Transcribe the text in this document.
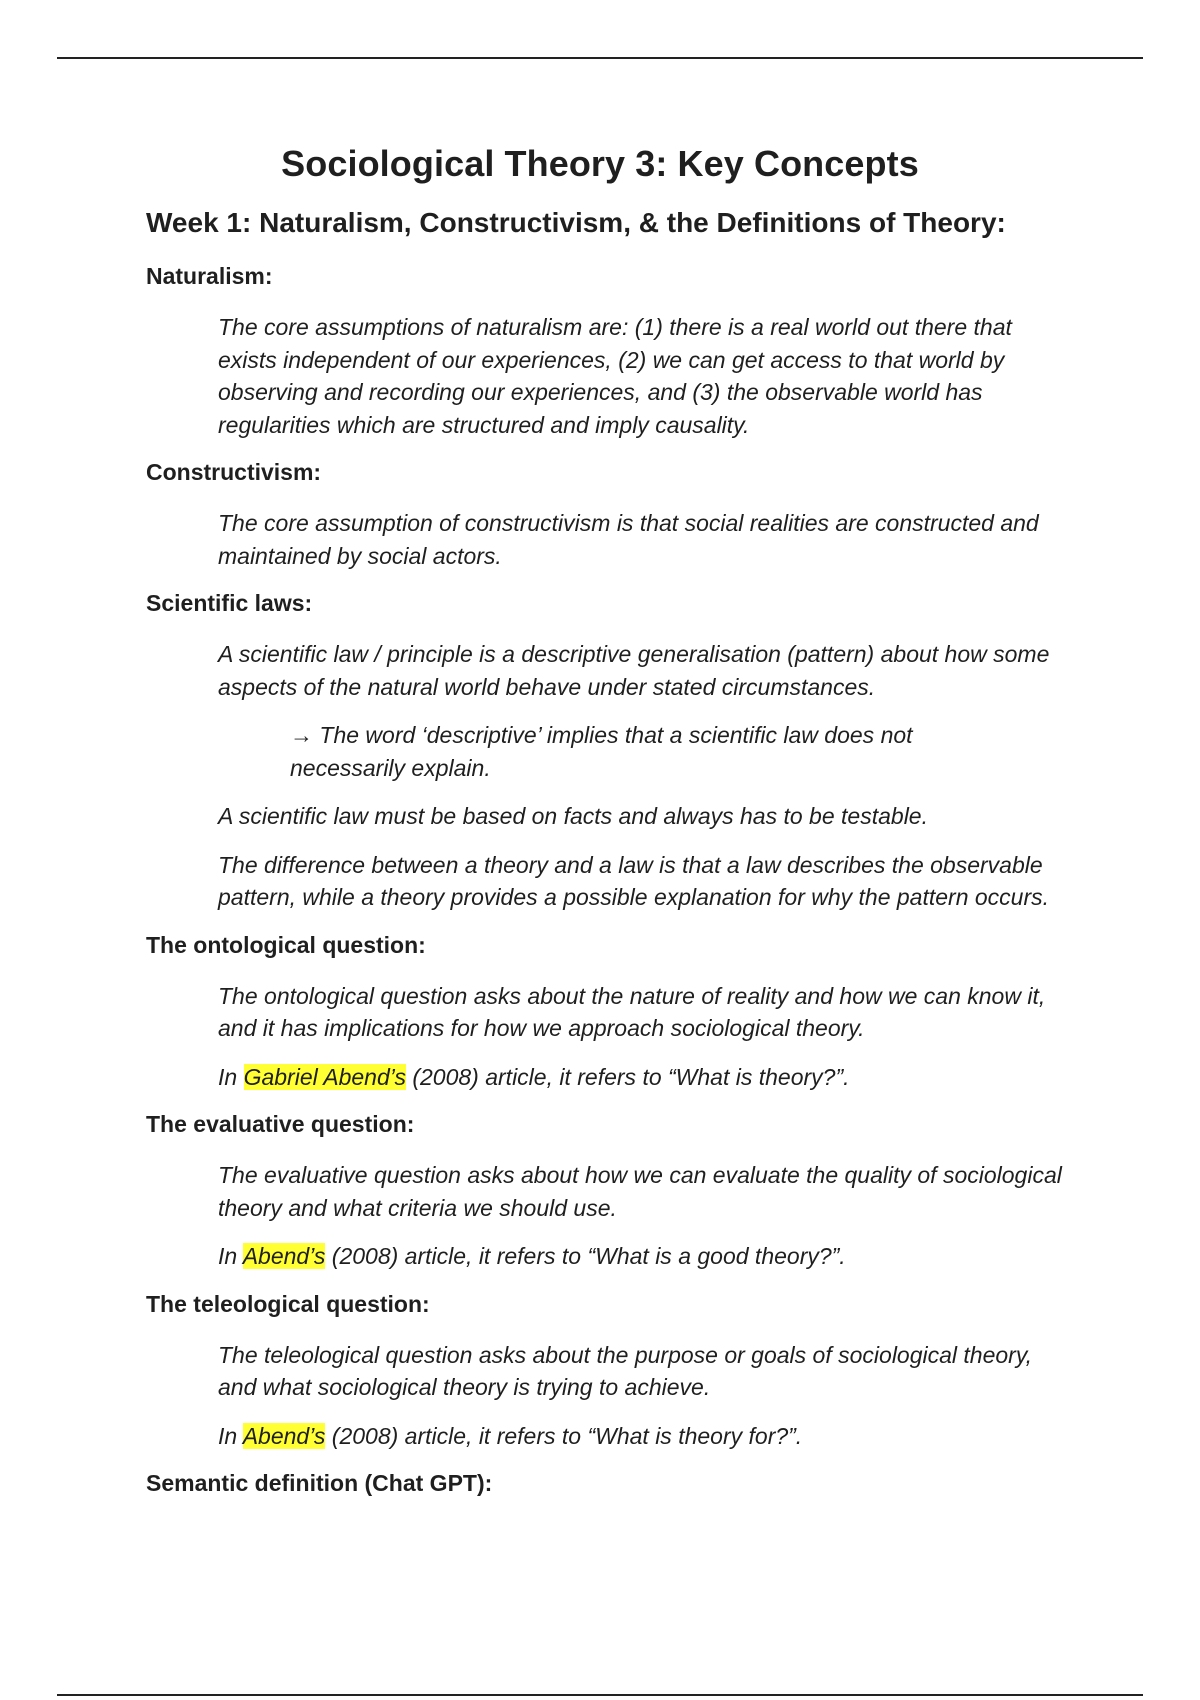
Sociological Theory 3: Key Concepts
Week 1: Naturalism, Constructivism, & the Definitions of Theory:
Naturalism:
The core assumptions of naturalism are: (1) there is a real world out there that exists independent of our experiences, (2) we can get access to that world by observing and recording our experiences, and (3) the observable world has regularities which are structured and imply causality.
Constructivism:
The core assumption of constructivism is that social realities are constructed and maintained by social actors.
Scientific laws:
A scientific law / principle is a descriptive generalisation (pattern) about how some aspects of the natural world behave under stated circumstances.
→ The word ‘descriptive’ implies that a scientific law does not necessarily explain.
A scientific law must be based on facts and always has to be testable.
The difference between a theory and a law is that a law describes the observable pattern, while a theory provides a possible explanation for why the pattern occurs.
The ontological question:
The ontological question asks about the nature of reality and how we can know it, and it has implications for how we approach sociological theory.
In Gabriel Abend’s (2008) article, it refers to “What is theory?”.
The evaluative question:
The evaluative question asks about how we can evaluate the quality of sociological theory and what criteria we should use.
In Abend’s (2008) article, it refers to “What is a good theory?”.
The teleological question:
The teleological question asks about the purpose or goals of sociological theory, and what sociological theory is trying to achieve.
In Abend’s (2008) article, it refers to “What is theory for?”.
Semantic definition (Chat GPT):
